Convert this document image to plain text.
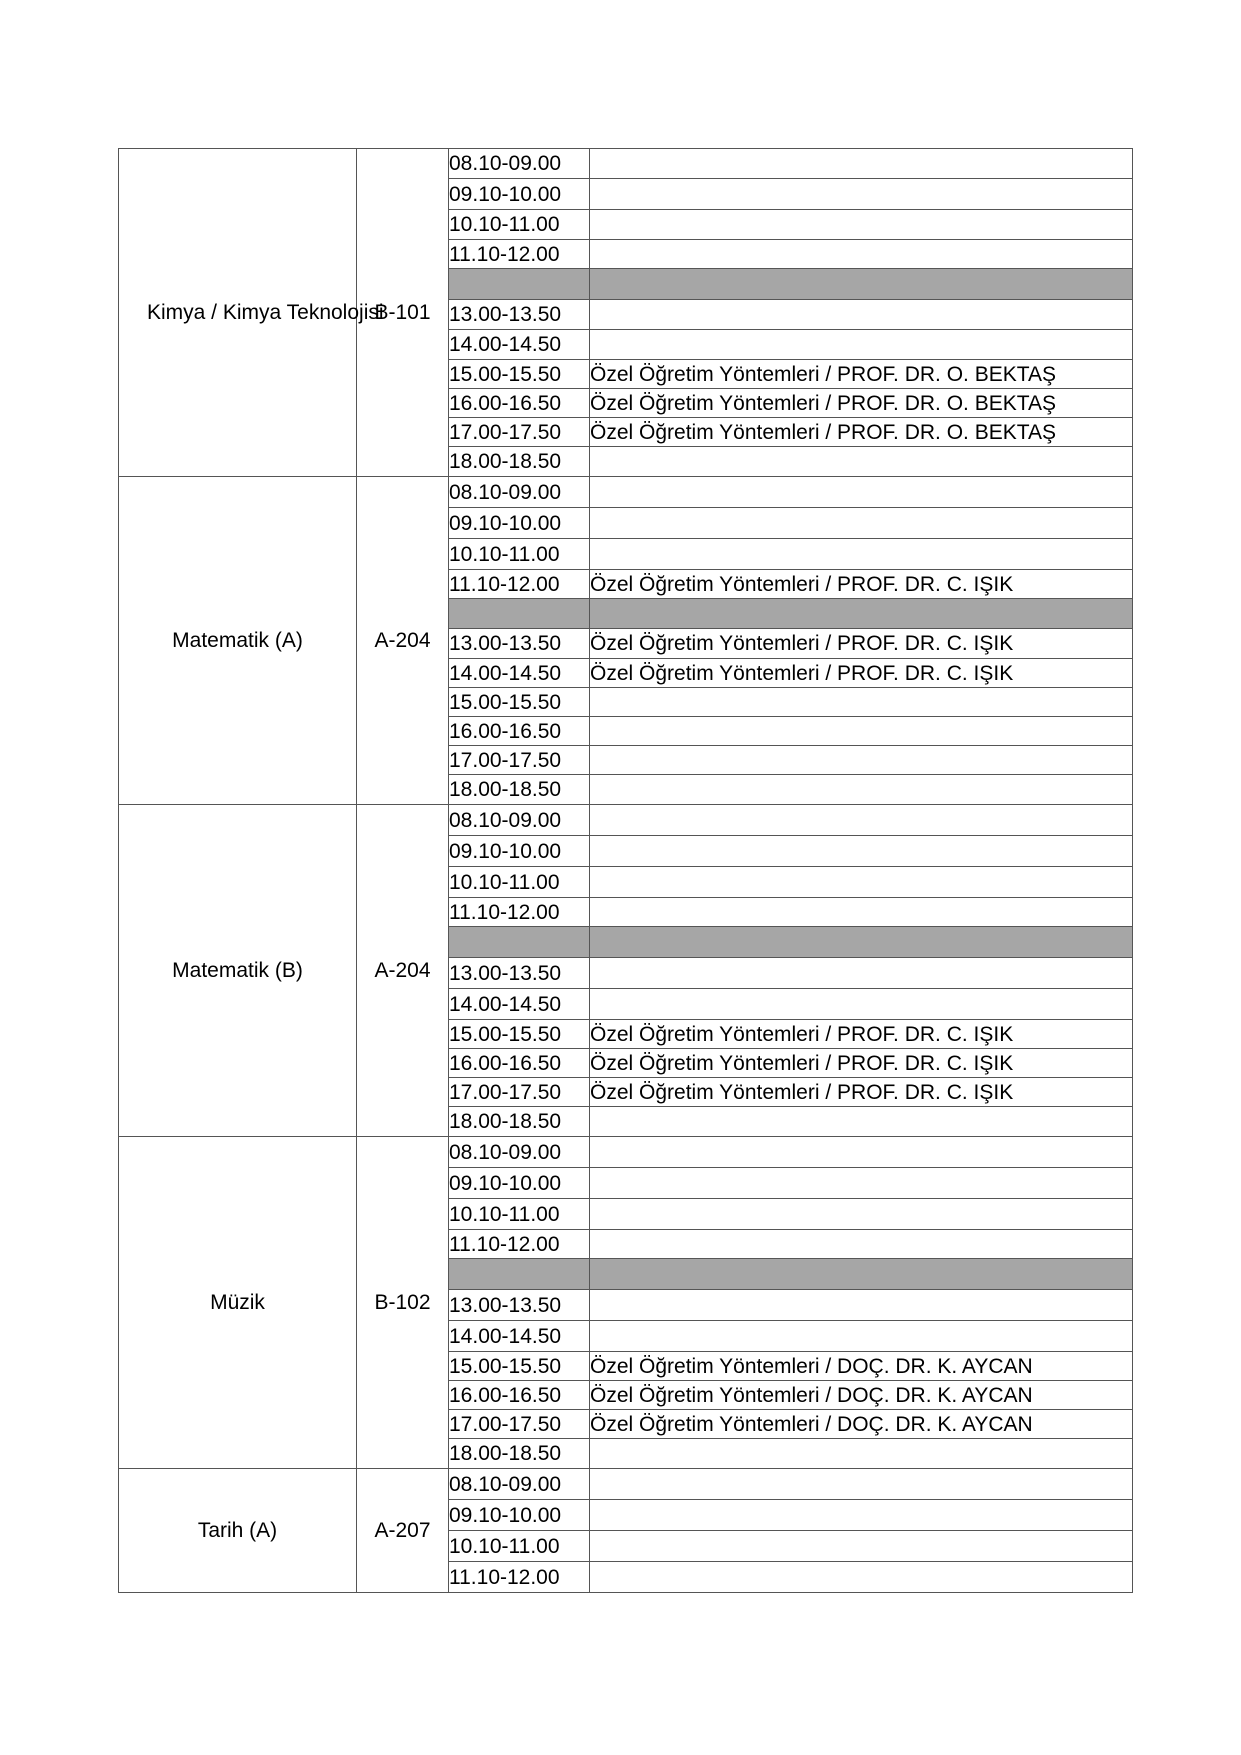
Kimya / Kimya Teknolojisi	B-101	08.10-09.00	
		09.10-10.00	
		10.10-11.00	
		11.10-12.00	

		13.00-13.50	
		14.00-14.50	
		15.00-15.50	Özel Öğretim Yöntemleri / PROF. DR. O. BEKTAŞ
		16.00-16.50	Özel Öğretim Yöntemleri / PROF. DR. O. BEKTAŞ
		17.00-17.50	Özel Öğretim Yöntemleri / PROF. DR. O. BEKTAŞ
		18.00-18.50	
Matematik (A)	A-204	08.10-09.00	
		09.10-10.00	
		10.10-11.00	
		11.10-12.00	Özel Öğretim Yöntemleri / PROF. DR. C. IŞIK

		13.00-13.50	Özel Öğretim Yöntemleri / PROF. DR. C. IŞIK
		14.00-14.50	Özel Öğretim Yöntemleri / PROF. DR. C. IŞIK
		15.00-15.50	
		16.00-16.50	
		17.00-17.50	
		18.00-18.50	
Matematik (B)	A-204	08.10-09.00	
		09.10-10.00	
		10.10-11.00	
		11.10-12.00	

		13.00-13.50	
		14.00-14.50	
		15.00-15.50	Özel Öğretim Yöntemleri / PROF. DR. C. IŞIK
		16.00-16.50	Özel Öğretim Yöntemleri / PROF. DR. C. IŞIK
		17.00-17.50	Özel Öğretim Yöntemleri / PROF. DR. C. IŞIK
		18.00-18.50	
Müzik	B-102	08.10-09.00	
		09.10-10.00	
		10.10-11.00	
		11.10-12.00	

		13.00-13.50	
		14.00-14.50	
		15.00-15.50	Özel Öğretim Yöntemleri / DOÇ. DR. K. AYCAN
		16.00-16.50	Özel Öğretim Yöntemleri / DOÇ. DR. K. AYCAN
		17.00-17.50	Özel Öğretim Yöntemleri / DOÇ. DR. K. AYCAN
		18.00-18.50	
Tarih (A)	A-207	08.10-09.00	
		09.10-10.00	
		10.10-11.00	
		11.10-12.00	
